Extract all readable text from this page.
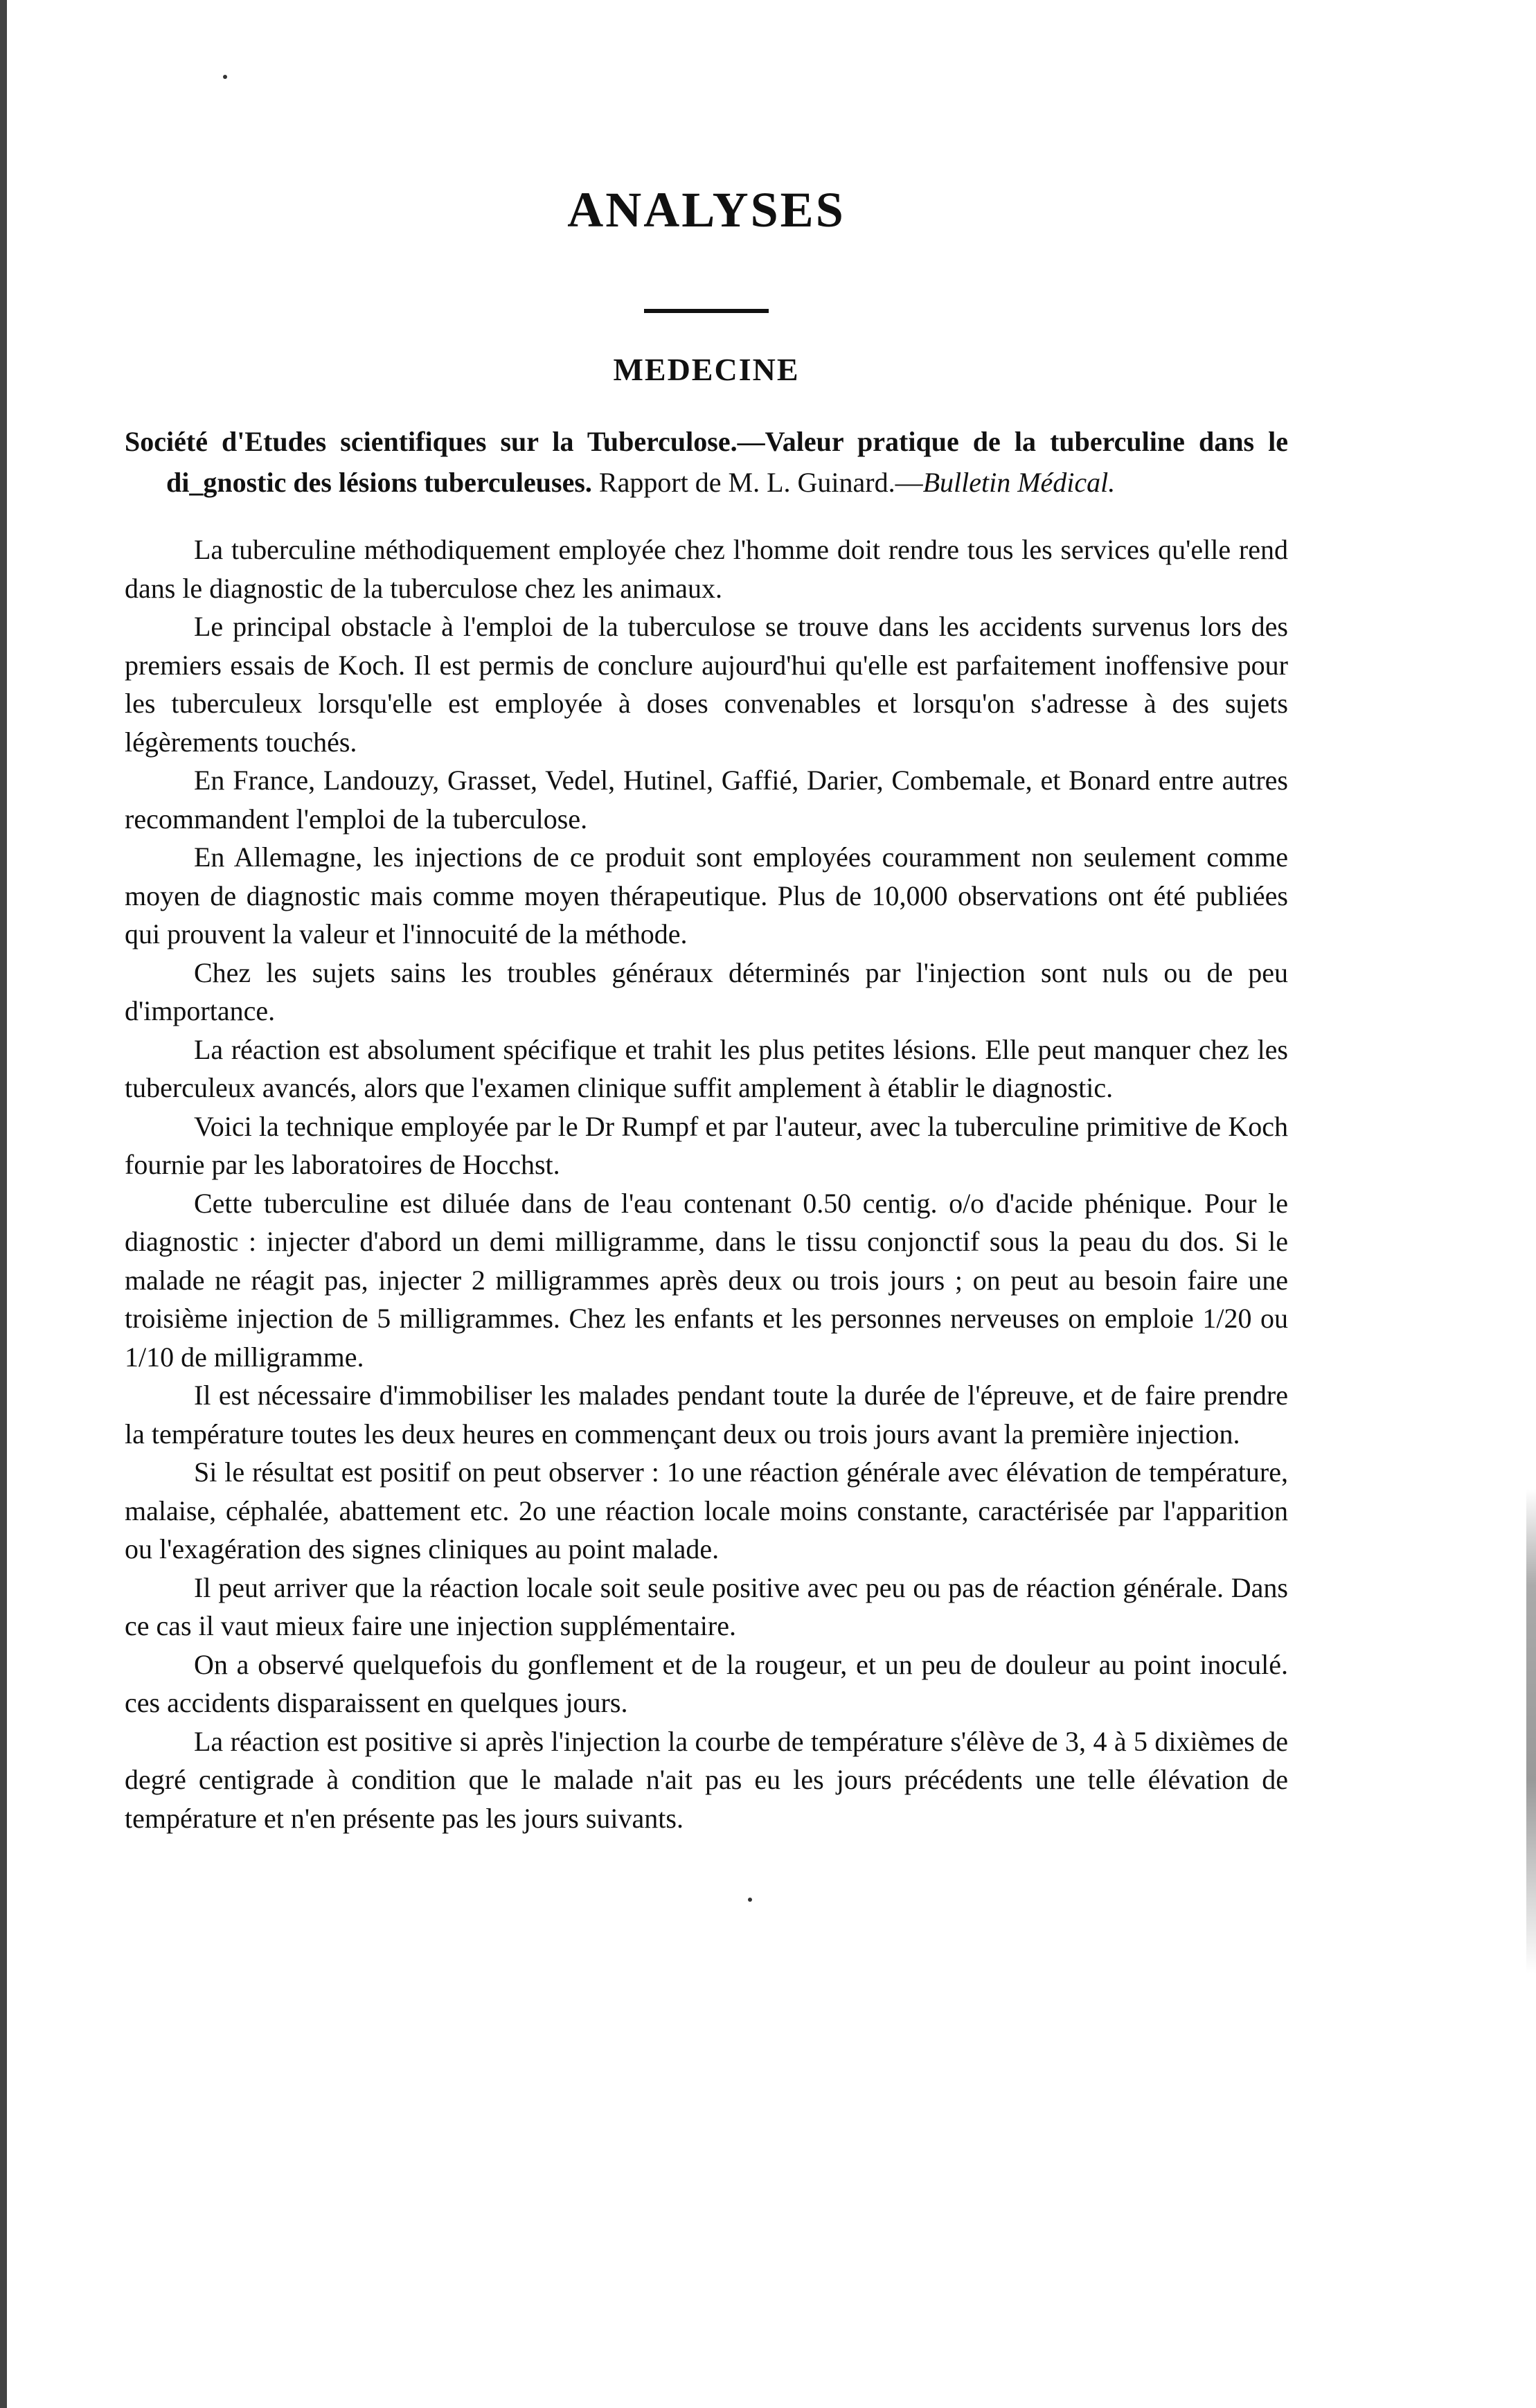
ANALYSES
MEDECINE

Société d'Etudes scientifiques sur la Tuberculose.—Valeur pratique de la tuberculine dans le di_gnostic des lésions tuberculeuses. Rapport de M. L. Guinard.—Bulletin Médical.

La tuberculine méthodiquement employée chez l'homme doit rendre tous les services qu'elle rend dans le diagnostic de la tuberculose chez les animaux.

Le principal obstacle à l'emploi de la tuberculose se trouve dans les accidents survenus lors des premiers essais de Koch. Il est permis de conclure aujourd'hui qu'elle est parfaitement inoffensive pour les tuberculeux lorsqu'elle est employée à doses convenables et lorsqu'on s'adresse à des sujets légèrements touchés.

En France, Landouzy, Grasset, Vedel, Hutinel, Gaffié, Darier, Combemale, et Bonard entre autres recommandent l'emploi de la tuberculose.

En Allemagne, les injections de ce produit sont employées couramment non seulement comme moyen de diagnostic mais comme moyen thérapeutique. Plus de 10,000 observations ont été publiées qui prouvent la valeur et l'innocuité de la méthode.

Chez les sujets sains les troubles généraux déterminés par l'injection sont nuls ou de peu d'importance.

La réaction est absolument spécifique et trahit les plus petites lésions. Elle peut manquer chez les tuberculeux avancés, alors que l'examen clinique suffit amplement à établir le diagnostic.

Voici la technique employée par le Dr Rumpf et par l'auteur, avec la tuberculine primitive de Koch fournie par les laboratoires de Hocchst.

Cette tuberculine est diluée dans de l'eau contenant 0.50 centig. o/o d'acide phénique. Pour le diagnostic : injecter d'abord un demi milligramme, dans le tissu conjonctif sous la peau du dos. Si le malade ne réagit pas, injecter 2 milligrammes après deux ou trois jours ; on peut au besoin faire une troisième injection de 5 milligrammes. Chez les enfants et les personnes nerveuses on emploie 1/20 ou 1/10 de milligramme.

Il est nécessaire d'immobiliser les malades pendant toute la durée de l'épreuve, et de faire prendre la température toutes les deux heures en commençant deux ou trois jours avant la première injection.

Si le résultat est positif on peut observer : 1o une réaction générale avec élévation de température, malaise, céphalée, abattement etc. 2o une réaction locale moins constante, caractérisée par l'apparition ou l'exagération des signes cliniques au point malade.

Il peut arriver que la réaction locale soit seule positive avec peu ou pas de réaction générale. Dans ce cas il vaut mieux faire une injection supplémentaire.

On a observé quelquefois du gonflement et de la rougeur, et un peu de douleur au point inoculé. ces accidents disparaissent en quelques jours.

La réaction est positive si après l'injection la courbe de température s'élève de 3, 4 à 5 dixièmes de degré centigrade à condition que le malade n'ait pas eu les jours précédents une telle élévation de température et n'en présente pas les jours suivants.
